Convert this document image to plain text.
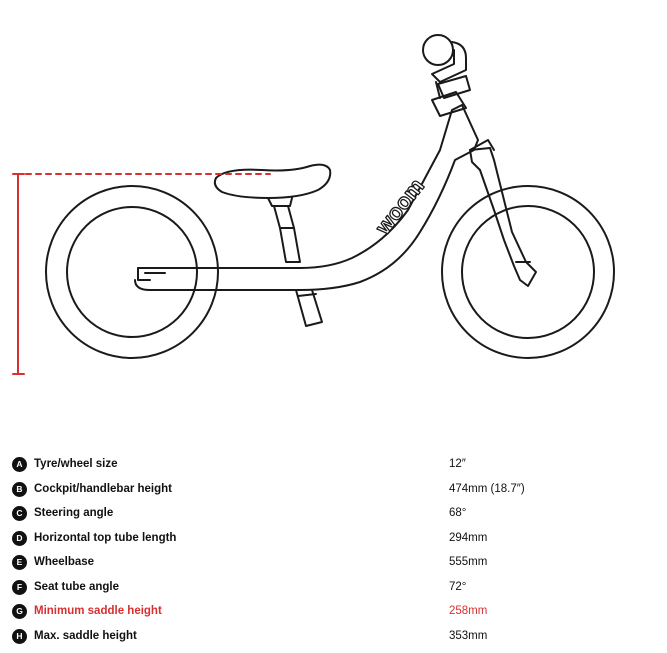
woom
A Tyre/wheel size	12″
B Cockpit/handlebar height	474mm (18.7″)
C Steering angle	68°
D Horizontal top tube length	294mm
E	Wheelbase	555mm
F	Seat tube angle	72°
G Minimum saddle height	258mm
H Max. saddle height	353mm
